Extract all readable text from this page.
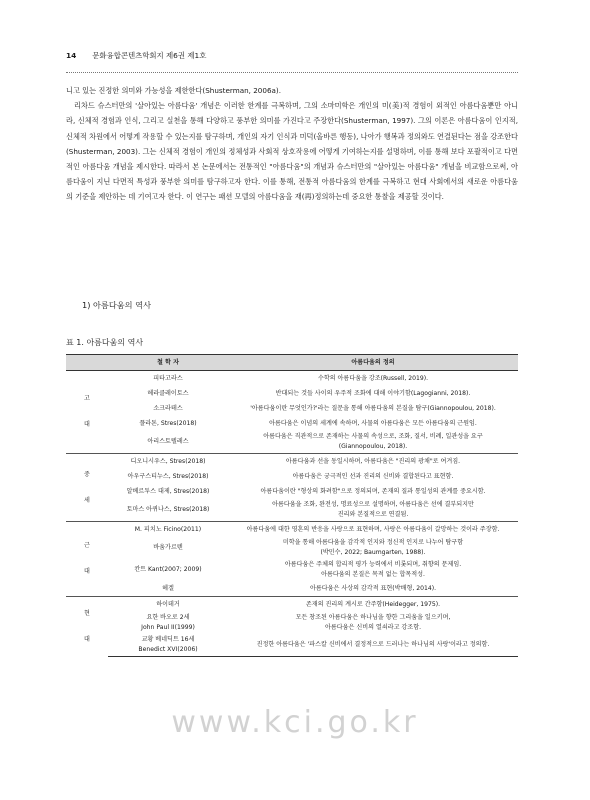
14 문화융합콘텐츠학회지 제6권 제1호

니고 있는 진정한 의미와 가능성을 제한한다(Shusterman, 2006a).

리차드 슈스터만의 '살아있는 아름다움' 개념은 이러한 한계를 극복하며, 그의 소마미학은 개인의 미(美)적 경험이 외적인 아름다움뿐만 아니라, 신체적 경험과 인식, 그리고 실천을 통해 다양하고 풍부한 의미를 가진다고 주장한다(Shusterman, 1997). 그의 이론은 아름다움이 인지적, 신체적 차원에서 어떻게 작용할 수 있는지를 탐구하며, 개인의 자기 인식과 미덕(올바른 행동), 나아가 행복과 정의와도 연결된다는 점을 강조한다(Shusterman, 2003). 그는 신체적 경험이 개인의 정체성과 사회적 상호작용에 어떻게 기여하는지를 설명하며, 이를 통해 보다 포괄적이고 다면적인 아름다움 개념을 제시한다. 따라서 본 논문에서는 전통적인 "아름다움"의 개념과 슈스터만의 "살아있는 아름다움" 개념을 비교함으로써, 아름다움이 지닌 다면적 특성과 풍부한 의미를 탐구하고자 한다. 이를 통해, 전통적 아름다움의 한계를 극복하고 현대 사회에서의 새로운 아름다움의 기준을 제안하는 데 기여고자 한다. 이 연구는 패션 모델의 아름다움을 재(再)정의하는데 중요한 통찰을 제공할 것이다.

1) 아름다움의 역사
표 1. 아름다움의 역사
	철 학 자	아름다움의 정의

고
대	피타고라스	수학의 아름다움을 강조(Russell, 2019).

	헤라클레이토스	반대되는 것들 사이의 우주적 조화에 대해 이야기함(Lagogianni, 2018).

	소크라테스	'아름다움이란 무엇인가?'라는 질문을 통해 아름다움의 본질을 탐구(Giannopoulou, 2018).

	플라톤, Stres(2018)	아름다움은 이념의 세계에 속하며, 사물의 아름다움은 모든 아름다움의 근원임.

	아리스토텔레스	아름다움은 직관적으로 존재하는 사물의 속성으로, 조화, 질서, 비례, 일관성을 요구
(Giannopoulou, 2018).

중
세	디오니시우스, Stres(2018)	아름다움과 선을 동일시하며, 아름다움은 "진리의 광채"로 여겨짐.

	아우구스티누스, Stres(2018)	아름다움은 궁극적인 선과 진리의 신비와 결합된다고 표현함.

	알베르투스 대제, Stres(2018)	아름다움이란 "형상의 화려함"으로 정의되며, 존재의 질과 통일성의 관계를 중요시함.

	토마스 아퀴나스, Stres(2018)	아름다움을 조화, 완전성, 명료성으로 설명하며, 아름다움은 선에 결부되지만
진리와 본질적으로 연결됨.

근
대	M. 피치노 Ficino(2011)	아름다움에 대한 영혼의 반응을 사랑으로 표현하며, 사랑은 아름다움이 갈망하는 것이라 주장함.

	바움가르텐	미학을 통해 아름다움을 감각적 인지와 정신적 인지로 나누어 탐구함
(박민수, 2022; Baumgarten, 1988).

	칸트 Kant(2007; 2009)	아름다움은 주체의 합리적 평가 능력에서 비롯되며, 취향의 문제임.
아름다움의 본질은 목적 없는 합목적성.

	헤겔	아름다움은 사상의 감각적 표현(박배형, 2014).

현
대	하이데거	존재의 진리의 계시로 간주함(Heidegger, 1975).

	요한 바오로 2세
John Paul II(1999)	모든 창조된 아름다움은 하나님을 향한 그리움을 일으키며,
아름다움은 신비의 열쇠라고 강조함.

	교황 베네딕트 16세
Benedict XVI(2006)	진정한 아름다움은 '파스칼 신비에서 결정적으로 드러나는 하나님의 사랑'이라고 정의함.
www.kci.go.kr
